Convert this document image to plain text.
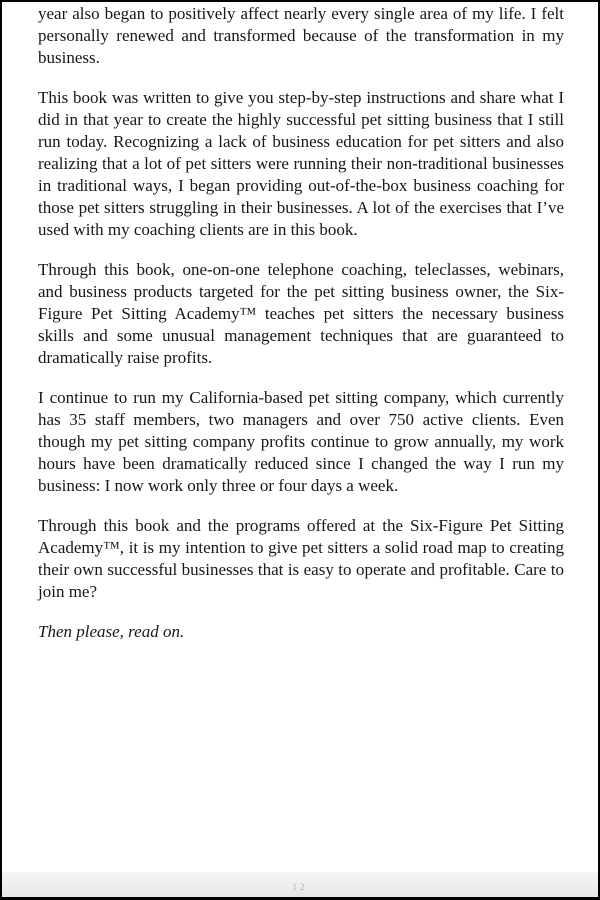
year also began to positively affect nearly every single area of my life. I felt personally renewed and transformed because of the transformation in my business.

This book was written to give you step-by-step instructions and share what I did in that year to create the highly successful pet sitting business that I still run today. Recognizing a lack of business education for pet sitters and also realizing that a lot of pet sitters were running their non-traditional businesses in traditional ways, I began providing out-of-the-box business coaching for those pet sitters struggling in their businesses. A lot of the exercises that I’ve used with my coaching clients are in this book.

Through this book, one-on-one telephone coaching, teleclasses, webinars, and business products targeted for the pet sitting business owner, the Six-Figure Pet Sitting Academy™ teaches pet sitters the necessary business skills and some unusual management techniques that are guaranteed to dramatically raise profits.

I continue to run my California-based pet sitting company, which currently has 35 staff members, two managers and over 750 active clients. Even though my pet sitting company profits continue to grow annually, my work hours have been dramatically reduced since I changed the way I run my business: I now work only three or four days a week.

Through this book and the programs offered at the Six-Figure Pet Sitting Academy™, it is my intention to give pet sitters a solid road map to creating their own successful businesses that is easy to operate and profitable. Care to join me?

Then please, read on.

12
